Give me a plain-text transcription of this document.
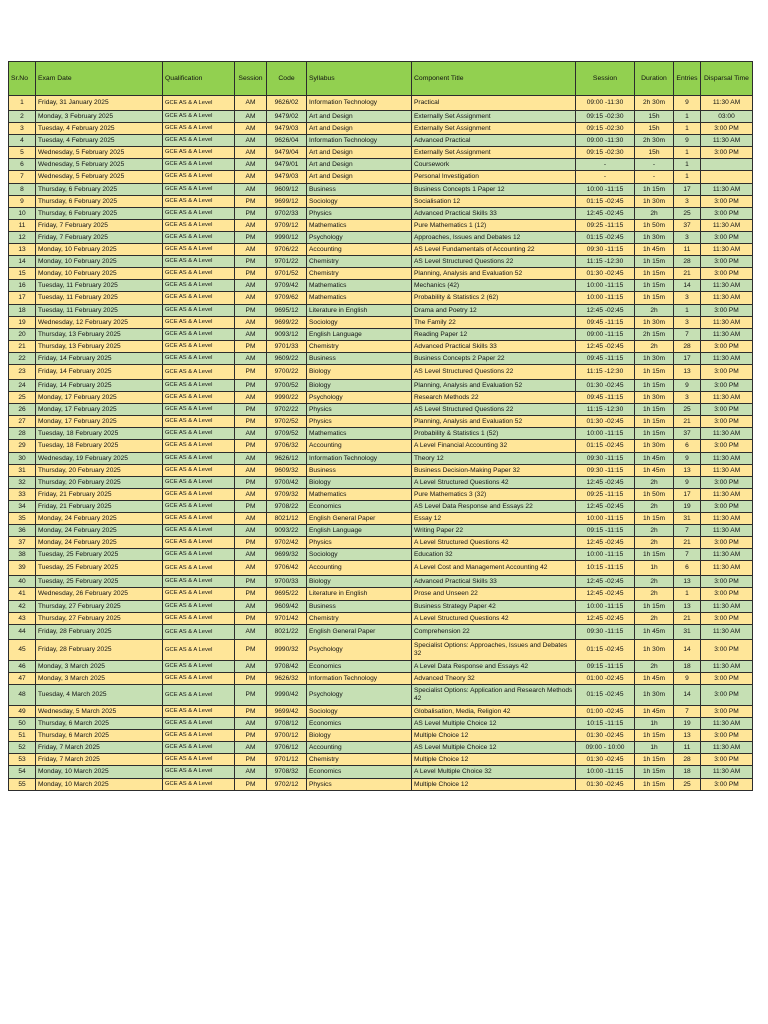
Sr.No	Exam Date	Qualification	Session	Code	Syllabus	Component Title	Session	Duration	Entries	Disparsal Time
1	Friday, 31 January 2025	GCE AS & A Level	AM	9626/02	Information Technology	Practical	09:00 -11:30	2h 30m	9	11:30 AM
2	Monday, 3 February 2025	GCE AS & A Level	AM	9479/02	Art and Design	Externally Set Assignment	09:15 -02:30	15h	1	03:00
3	Tuesday, 4 February 2025	GCE AS & A Level	AM	9479/03	Art and Design	Externally Set Assignment	09:15 -02:30	15h	1	3:00 PM
4	Tuesday, 4 February 2025	GCE AS & A Level	AM	9626/04	Information Technology	Advanced Practical	09:00 -11:30	2h 30m	9	11:30 AM
5	Wednesday, 5 February 2025	GCE AS & A Level	AM	9479/04	Art and Design	Externally Set Assignment	09:15 -02:30	15h	1	3:00 PM
6	Wednesday, 5 February 2025	GCE AS & A Level	AM	9479/01	Art and Design	Coursework	-	-	1	
7	Wednesday, 5 February 2025	GCE AS & A Level	AM	9479/03	Art and Design	Personal Investigation	-	-	1	
8	Thursday, 6 February 2025	GCE AS & A Level	AM	9609/12	Business	Business Concepts 1 Paper 12	10:00 -11:15	1h 15m	17	11:30 AM
9	Thursday, 6 February 2025	GCE AS & A Level	PM	9699/12	Sociology	Socialisation 12	01:15 -02:45	1h 30m	3	3:00 PM
10	Thursday, 6 February 2025	GCE AS & A Level	PM	9702/33	Physics	Advanced Practical Skills 33	12:45 -02:45	2h	25	3:00 PM
11	Friday, 7 February 2025	GCE AS & A Level	AM	9709/12	Mathematics	Pure Mathematics 1 (12)	09:25 -11:15	1h 50m	37	11:30 AM
12	Friday, 7 February 2025	GCE AS & A Level	PM	9990/12	Psychology	Approaches, Issues and Debates 12	01:15 -02:45	1h 30m	3	3:00 PM
13	Monday, 10 February 2025	GCE AS & A Level	AM	9706/22	Accounting	AS Level Fundamentals of Accounting 22	09:30 -11:15	1h 45m	11	11:30 AM
14	Monday, 10 February 2025	GCE AS & A Level	PM	9701/22	Chemistry	AS Level Structured Questions 22	11:15 -12:30	1h 15m	28	3:00 PM
15	Monday, 10 February 2025	GCE AS & A Level	PM	9701/52	Chemistry	Planning, Analysis and Evaluation 52	01:30 -02:45	1h 15m	21	3:00 PM
16	Tuesday, 11 February 2025	GCE AS & A Level	AM	9709/42	Mathematics	Mechanics (42)	10:00 -11:15	1h 15m	14	11:30 AM
17	Tuesday, 11 February 2025	GCE AS & A Level	AM	9709/62	Mathematics	Probability & Statistics 2 (62)	10:00 -11:15	1h 15m	3	11:30 AM
18	Tuesday, 11 February 2025	GCE AS & A Level	PM	9695/12	Literature in English	Drama and Poetry 12	12:45 -02:45	2h	1	3:00 PM
19	Wednesday, 12 February 2025	GCE AS & A Level	AM	9699/22	Sociology	The Family 22	09:45 -11:15	1h 30m	3	11:30 AM
20	Thursday, 13 February 2025	GCE AS & A Level	AM	9093/12	English Language	Reading Paper 12	09:00 -11:15	2h 15m	7	11:30 AM
21	Thursday, 13 February 2025	GCE AS & A Level	PM	9701/33	Chemistry	Advanced Practical Skills 33	12:45 -02:45	2h	28	3:00 PM
22	Friday, 14 February 2025	GCE AS & A Level	AM	9609/22	Business	Business Concepts 2 Paper 22	09:45 -11:15	1h 30m	17	11:30 AM
23	Friday, 14 February 2025	GCE AS & A Level	PM	9700/22	Biology	AS Level Structured Questions 22	11:15 -12:30	1h 15m	13	3:00 PM
24	Friday, 14 February 2025	GCE AS & A Level	PM	9700/52	Biology	Planning, Analysis and Evaluation 52	01:30 -02:45	1h 15m	9	3:00 PM
25	Monday, 17 February 2025	GCE AS & A Level	AM	9990/22	Psychology	Research Methods 22	09:45 -11:15	1h 30m	3	11:30 AM
26	Monday, 17 February 2025	GCE AS & A Level	PM	9702/22	Physics	AS Level Structured Questions 22	11:15 -12:30	1h 15m	25	3:00 PM
27	Monday, 17 February 2025	GCE AS & A Level	PM	9702/52	Physics	Planning, Analysis and Evaluation 52	01:30 -02:45	1h 15m	21	3:00 PM
28	Tuesday, 18 February 2025	GCE AS & A Level	AM	9709/52	Mathematics	Probability & Statistics 1 (52)	10:00 -11:15	1h 15m	37	11:30 AM
29	Tuesday, 18 February 2025	GCE AS & A Level	PM	9706/32	Accounting	A Level Financial Accounting 32	01:15 -02:45	1h 30m	6	3:00 PM
30	Wednesday, 19 February 2025	GCE AS & A Level	AM	9626/12	Information Technology	Theory 12	09:30 -11:15	1h 45m	9	11:30 AM
31	Thursday, 20 February 2025	GCE AS & A Level	AM	9609/32	Business	Business Decision-Making Paper 32	09:30 -11:15	1h 45m	13	11:30 AM
32	Thursday, 20 February 2025	GCE AS & A Level	PM	9700/42	Biology	A Level Structured Questions 42	12:45 -02:45	2h	9	3:00 PM
33	Friday, 21 February 2025	GCE AS & A Level	AM	9709/32	Mathematics	Pure Mathematics 3 (32)	09:25 -11:15	1h 50m	17	11:30 AM
34	Friday, 21 February 2025	GCE AS & A Level	PM	9708/22	Economics	AS Level Data Response and Essays 22	12:45 -02:45	2h	19	3:00 PM
35	Monday, 24 February 2025	GCE AS & A Level	AM	8021/12	English General Paper	Essay 12	10:00 -11:15	1h 15m	31	11:30 AM
36	Monday, 24 February 2025	GCE AS & A Level	AM	9093/22	English Language	Writing Paper 22	09:15 -11:15	2h	7	11:30 AM
37	Monday, 24 February 2025	GCE AS & A Level	PM	9702/42	Physics	A Level Structured Questions 42	12:45 -02:45	2h	21	3:00 PM
38	Tuesday, 25 February 2025	GCE AS & A Level	AM	9699/32	Sociology	Education 32	10:00 -11:15	1h 15m	7	11:30 AM
39	Tuesday, 25 February 2025	GCE AS & A Level	AM	9706/42	Accounting	A Level Cost and Management Accounting 42	10:15 -11:15	1h	6	11:30 AM
40	Tuesday, 25 February 2025	GCE AS & A Level	PM	9700/33	Biology	Advanced Practical Skills 33	12:45 -02:45	2h	13	3:00 PM
41	Wednesday, 26 February 2025	GCE AS & A Level	PM	9695/22	Literature in English	Prose and Unseen 22	12:45 -02:45	2h	1	3:00 PM
42	Thursday, 27 February 2025	GCE AS & A Level	AM	9609/42	Business	Business Strategy Paper 42	10:00 -11:15	1h 15m	13	11:30 AM
43	Thursday, 27 February 2025	GCE AS & A Level	PM	9701/42	Chemistry	A Level Structured Questions 42	12:45 -02:45	2h	21	3:00 PM
44	Friday, 28 February 2025	GCE AS & A Level	AM	8021/22	English General Paper	Comprehension 22	09:30 -11:15	1h 45m	31	11:30 AM
45	Friday, 28 February 2025	GCE AS & A Level	PM	9990/32	Psychology	Specialist Options: Approaches, Issues and Debates 32	01:15 -02:45	1h 30m	14	3:00 PM
46	Monday, 3 March 2025	GCE AS & A Level	AM	9708/42	Economics	A Level Data Response and Essays 42	09:15 -11:15	2h	18	11:30 AM
47	Monday, 3 March 2025	GCE AS & A Level	PM	9626/32	Information Technology	Advanced Theory 32	01:00 -02:45	1h 45m	9	3:00 PM
48	Tuesday, 4 March 2025	GCE AS & A Level	PM	9990/42	Psychology	Specialist Options: Application and Research Methods 42	01:15 -02:45	1h 30m	14	3:00 PM
49	Wednesday, 5 March 2025	GCE AS & A Level	PM	9699/42	Sociology	Globalisation, Media, Religion 42	01:00 -02:45	1h 45m	7	3:00 PM
50	Thursday, 6 March 2025	GCE AS & A Level	AM	9708/12	Economics	AS Level Multiple Choice 12	10:15 -11:15	1h	19	11:30 AM
51	Thursday, 6 March 2025	GCE AS & A Level	PM	9700/12	Biology	Multiple Choice 12	01:30 -02:45	1h 15m	13	3:00 PM
52	Friday, 7 March 2025	GCE AS & A Level	AM	9706/12	Accounting	AS Level Multiple Choice 12	09:00 - 10:00	1h	11	11:30 AM
53	Friday, 7 March 2025	GCE AS & A Level	PM	9701/12	Chemistry	Multiple Choice 12	01:30 -02:45	1h 15m	28	3:00 PM
54	Monday, 10 March 2025	GCE AS & A Level	AM	9708/32	Economics	A Level Multiple Choice 32	10:00 -11:15	1h 15m	18	11:30 AM
55	Monday, 10 March 2025	GCE AS & A Level	PM	9702/12	Physics	Multiple Choice 12	01:30 -02:45	1h 15m	25	3:00 PM
